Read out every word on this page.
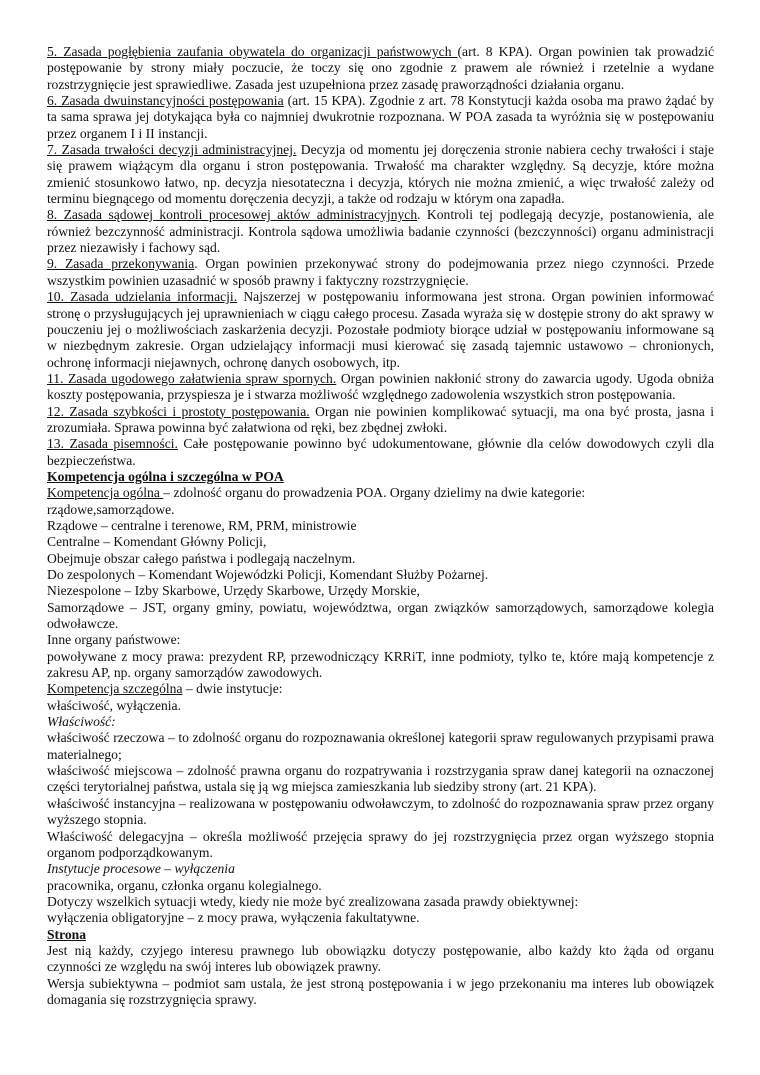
5. Zasada pogłębienia zaufania obywatela do organizacji państwowych (art. 8 KPA). Organ powinien tak prowadzić postępowanie by strony miały poczucie, że toczy się ono zgodnie z prawem ale również i rzetelnie a wydane rozstrzygnięcie jest sprawiedliwe. Zasada jest uzupełniona przez zasadę praworządności działania organu.

6. Zasada dwuinstancyjności postępowania (art. 15 KPA). Zgodnie z art. 78 Konstytucji każda osoba ma prawo żądać by ta sama sprawa jej dotykająca była co najmniej dwukrotnie rozpoznana. W POA zasada ta wyróżnia się w postępowaniu przez organem I i II instancji.

7. Zasada trwałości decyzji administracyjnej. Decyzja od momentu jej doręczenia stronie nabiera cechy trwałości i staje się prawem wiążącym dla organu i stron postępowania. Trwałość ma charakter względny. Są decyzje, które można zmienić stosunkowo łatwo, np. decyzja niesotateczna i decyzja, których nie można zmienić, a więc trwałość zależy od terminu biegnącego od momentu doręczenia decyzji, a także od rodzaju w którym ona zapadła.

8. Zasada sądowej kontroli procesowej aktów administracyjnych. Kontroli tej podlegają decyzje, postanowienia, ale również bezczynność administracji. Kontrola sądowa umożliwia badanie czynności (bezczynności) organu administracji przez niezawisły i fachowy sąd.

9. Zasada przekonywania. Organ powinien przekonywać strony do podejmowania przez niego czynności. Przede wszystkim powinien uzasadnić w sposób prawny i faktyczny rozstrzygnięcie.

10. Zasada udzielania informacji. Najszerzej w postępowaniu informowana jest strona. Organ powinien informować stronę o przysługujących jej uprawnieniach w ciągu całego procesu. Zasada wyraża się w dostępie strony do akt sprawy w pouczeniu jej o możliwościach zaskarżenia decyzji. Pozostałe podmioty biorące udział w postępowaniu informowane są w niezbędnym zakresie. Organ udzielający informacji musi kierować się zasadą tajemnic ustawowo – chronionych, ochronę informacji niejawnych, ochronę danych osobowych, itp.

11. Zasada ugodowego załatwienia spraw spornych. Organ powinien nakłonić strony do zawarcia ugody. Ugoda obniża koszty postępowania, przyspiesza je i stwarza możliwość względnego zadowolenia wszystkich stron postępowania.

12. Zasada szybkości i prostoty postępowania. Organ nie powinien komplikować sytuacji, ma ona być prosta, jasna i zrozumiała. Sprawa powinna być załatwiona od ręki, bez zbędnej zwłoki.

13. Zasada pisemności. Całe postępowanie powinno być udokumentowane, głównie dla celów dowodowych czyli dla bezpieczeństwa.

Kompetencja ogólna i szczególna w POA

Kompetencja ogólna – zdolność organu do prowadzenia POA. Organy dzielimy na dwie kategorie:

rządowe,samorządowe.

Rządowe – centralne i terenowe, RM, PRM, ministrowie

Centralne – Komendant Główny Policji,

Obejmuje obszar całego państwa i podlegają naczelnym.

Do zespolonych – Komendant Wojewódzki Policji, Komendant Służby Pożarnej.

Niezespolone – Izby Skarbowe, Urzędy Skarbowe, Urzędy Morskie,

Samorządowe – JST, organy gminy, powiatu, województwa, organ związków samorządowych, samorządowe kolegia odwoławcze.

Inne organy państwowe:

powoływane z mocy prawa: prezydent RP, przewodniczący KRRiT, inne podmioty, tylko te, które mają kompetencje z zakresu AP, np. organy samorządów zawodowych.

Kompetencja szczególna – dwie instytucje:

właściwość, wyłączenia.

Właściwość:

właściwość rzeczowa – to zdolność organu do rozpoznawania określonej kategorii spraw regulowanych przypisami prawa materialnego;

właściwość miejscowa – zdolność prawna organu do rozpatrywania i rozstrzygania spraw danej kategorii na oznaczonej części terytorialnej państwa, ustala się ją wg miejsca zamieszkania lub siedziby strony (art. 21 KPA).

właściwość instancyjna – realizowana w postępowaniu odwoławczym, to zdolność do rozpoznawania spraw przez organy wyższego stopnia.

Właściwość delegacyjna – określa możliwość przejęcia sprawy do jej rozstrzygnięcia przez organ wyższego stopnia organom podporządkowanym.

Instytucje procesowe – wyłączenia

pracownika, organu, członka organu kolegialnego.

Dotyczy wszelkich sytuacji wtedy, kiedy nie może być zrealizowana zasada prawdy obiektywnej:

wyłączenia obligatoryjne – z mocy prawa, wyłączenia fakultatywne.

Strona

Jest nią każdy, czyjego interesu prawnego lub obowiązku dotyczy postępowanie, albo każdy kto żąda od organu czynności ze względu na swój interes lub obowiązek prawny.

Wersja subiektywna – podmiot sam ustala, że jest stroną postępowania i w jego przekonaniu ma interes lub obowiązek domagania się rozstrzygnięcia sprawy.
